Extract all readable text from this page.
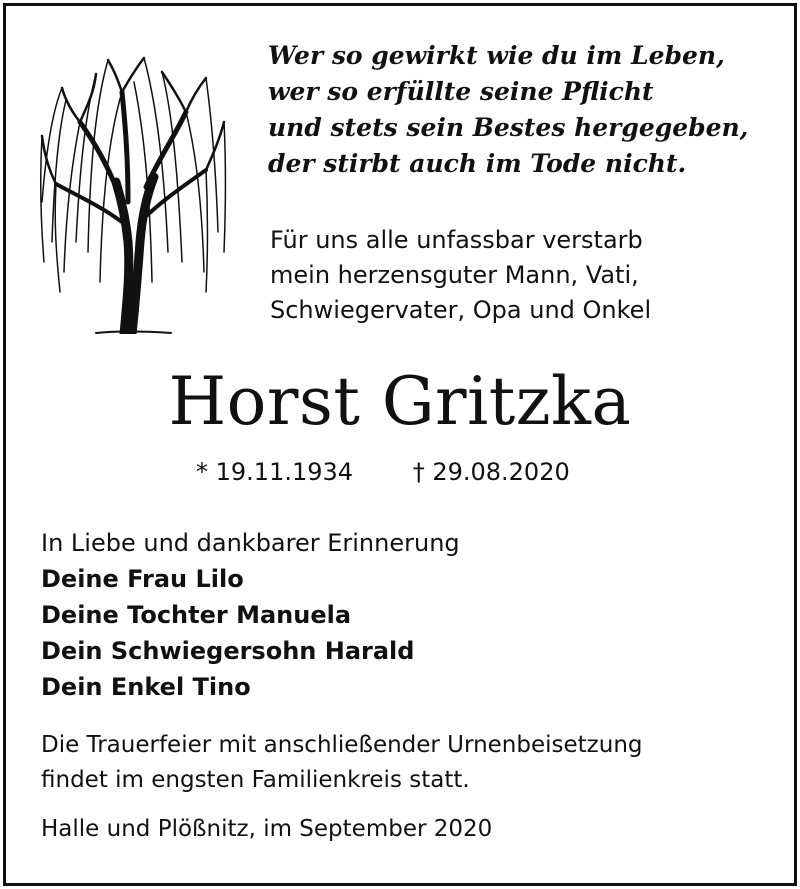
Wer so gewirkt wie du im Leben,
wer so erfüllte seine Pflicht
und stets sein Bestes hergegeben,
der stirbt auch im Tode nicht.
Für uns alle unfassbar verstarb
mein herzensguter Mann, Vati,
Schwiegervater, Opa und Onkel
Horst Gritzka
* 19.11.1934 † 29.08.2020
In Liebe und dankbarer Erinnerung
Deine Frau Lilo
Deine Tochter Manuela
Dein Schwiegersohn Harald
Dein Enkel Tino
Die Trauerfeier mit anschließender Urnenbeisetzung
findet im engsten Familienkreis statt.
Halle und Plößnitz, im September 2020
